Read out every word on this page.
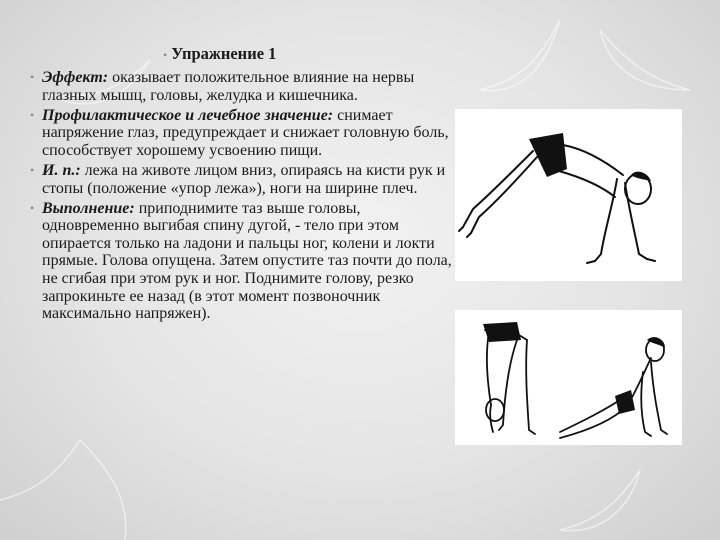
• Упражнение 1
• Эффект: оказывает положительное влияние на нервы глазных мышц, головы, желудка и кишечника.
• Профилактическое и лечебное значение: снимает напряжение глаз, предупреждает и снижает головную боль, способствует хорошему усвоению пищи.
• И. п.: лежа на животе лицом вниз, опираясь на кисти рук и стопы (положение «упор лежа»), ноги на ширине плеч.
• Выполнение: приподнимите таз выше головы, одновременно выгибая спину дугой, - тело при этом опирается только на ладони и пальцы ног, колени и локти прямые. Голова опущена. Затем опустите таз почти до пола, не сгибая при этом рук и ног. Поднимите голову, резко запрокиньте ее назад (в этот момент позвоночник максимально напряжен).
